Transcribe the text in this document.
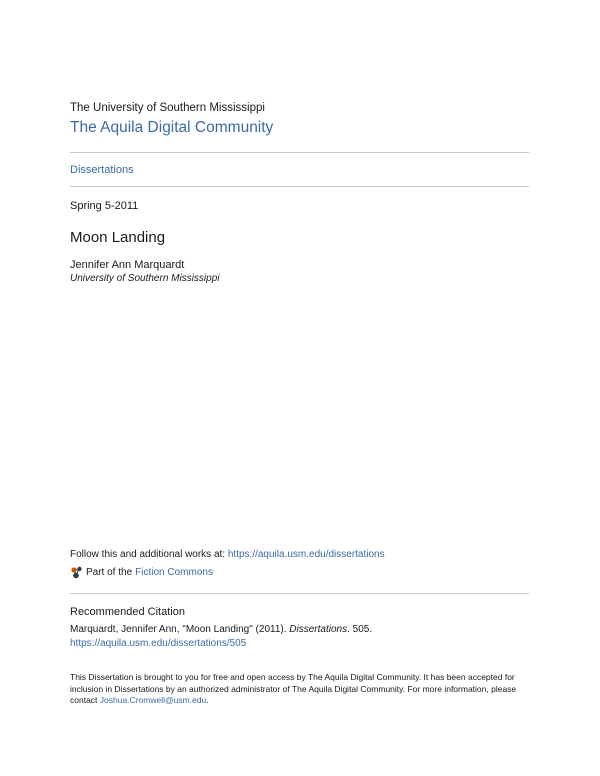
The University of Southern Mississippi
The Aquila Digital Community
Dissertations
Spring 5-2011
Moon Landing
Jennifer Ann Marquardt
University of Southern Mississippi
Follow this and additional works at: https://aquila.usm.edu/dissertations
Part of the Fiction Commons
Recommended Citation
Marquardt, Jennifer Ann, "Moon Landing" (2011). Dissertations. 505.
https://aquila.usm.edu/dissertations/505
This Dissertation is brought to you for free and open access by The Aquila Digital Community. It has been accepted for inclusion in Dissertations by an authorized administrator of The Aquila Digital Community. For more information, please contact Joshua.Cromwell@usm.edu.
